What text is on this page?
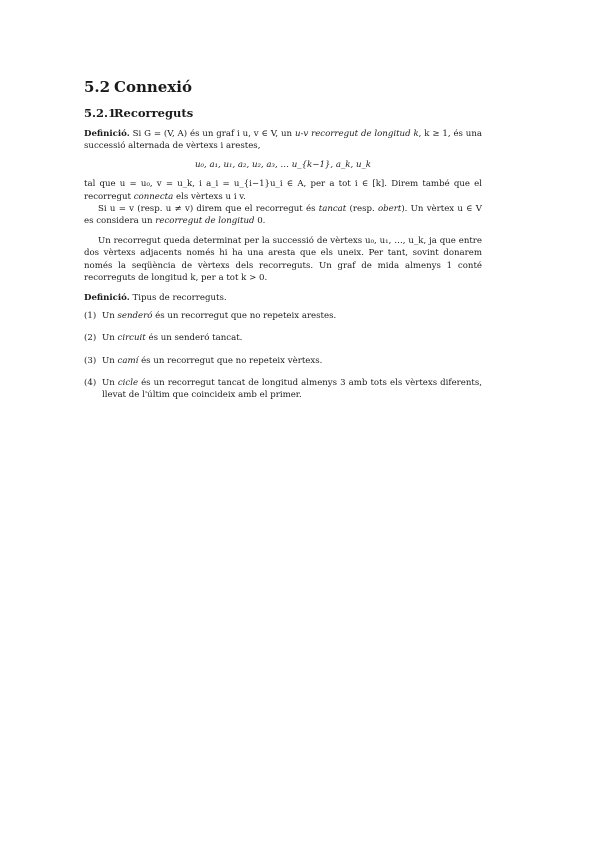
5.2 Connexió
5.2.1Recorreguts

Definició. Si G = (V, A) és un graf i u, v ∈ V, un u-v recorregut de longitud k, k ≥ 1, és una successió alternada de vèrtexs i arestes,

u₀, a₁, u₁, a₂, u₂, a₃, … u_{k−1}, a_k, u_k

tal que u = u₀, v = u_k, i a_i = u_{i−1}u_i ∈ A, per a tot i ∈ [k]. Direm també que el recorregut connecta els vèrtexs u i v.

Si u = v (resp. u ≠ v) direm que el recorregut és tancat (resp. obert). Un vèrtex u ∈ V es considera un recorregut de longitud 0.

Un recorregut queda determinat per la successió de vèrtexs u₀, u₁, …, u_k, ja que entre dos vèrtexs adjacents només hi ha una aresta que els uneix. Per tant, sovint donarem només la seqüència de vèrtexs dels recorreguts. Un graf de mida almenys 1 conté recorreguts de longitud k, per a tot k > 0.

Definició. Tipus de recorreguts.

(1) Un senderó és un recorregut que no repeteix arestes.
(2) Un circuit és un senderó tancat.
(3) Un camí és un recorregut que no repeteix vèrtexs.
(4) Un cicle és un recorregut tancat de longitud almenys 3 amb tots els vèrtexs diferents, llevat de l'últim que coincideix amb el primer.
